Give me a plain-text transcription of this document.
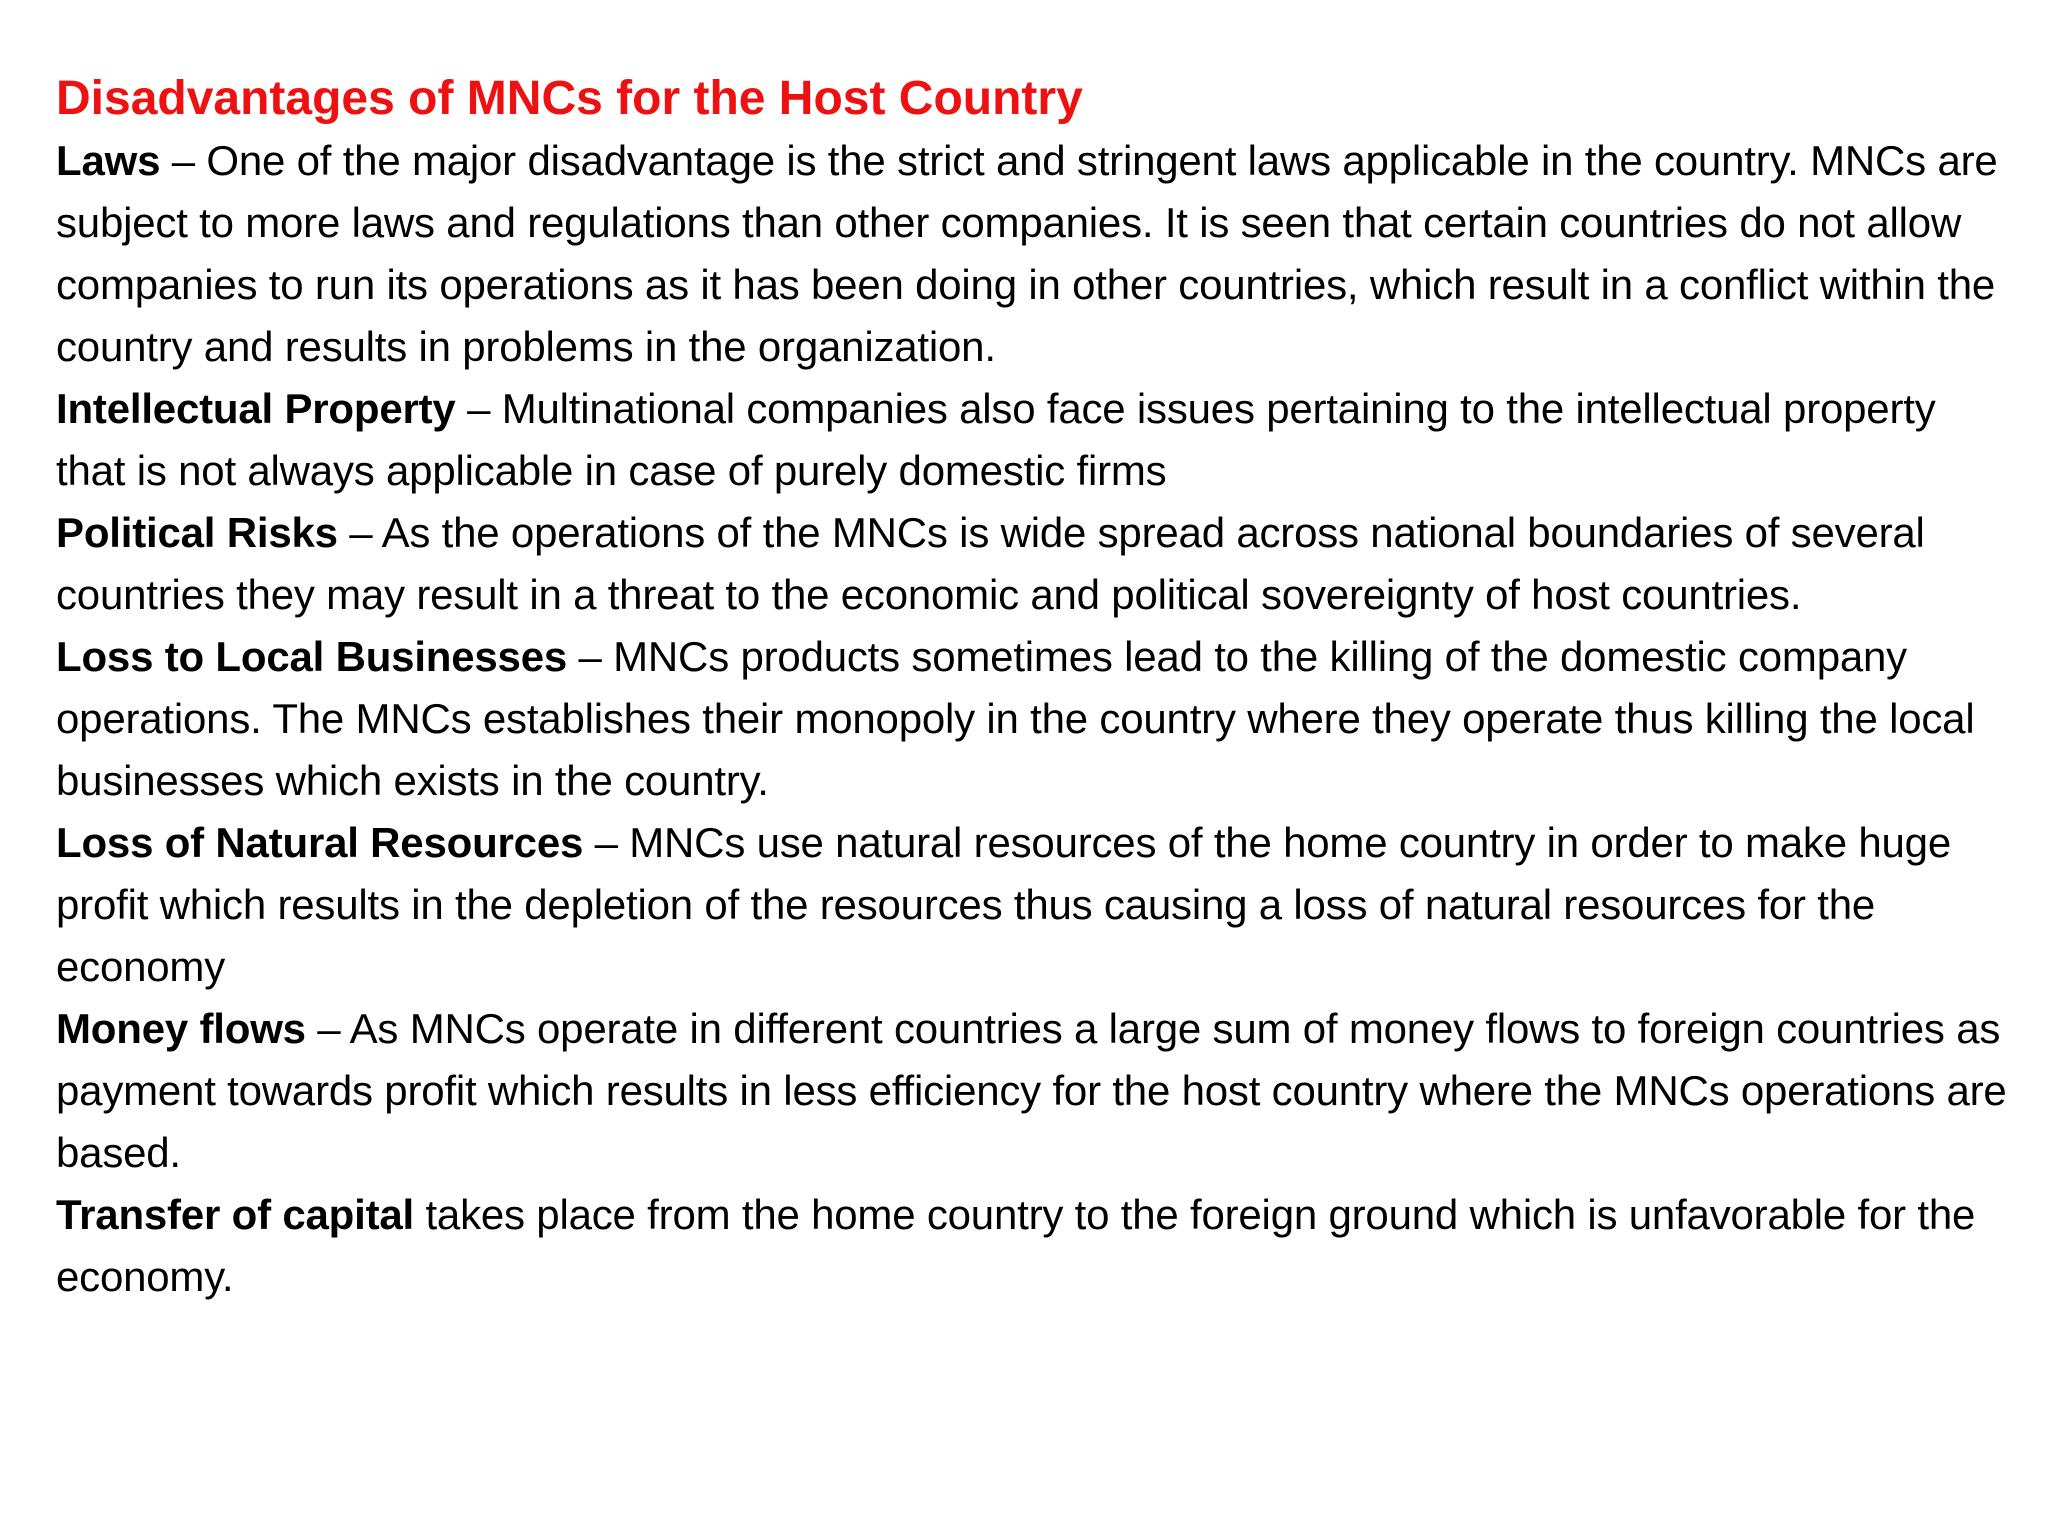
Disadvantages of MNCs for the Host Country

Laws – One of the major disadvantage is the strict and stringent laws applicable in the country. MNCs are subject to more laws and regulations than other companies. It is seen that certain countries do not allow companies to run its operations as it has been doing in other countries, which result in a conflict within the country and results in problems in the organization.

Intellectual Property – Multinational companies also face issues pertaining to the intellectual property that is not always applicable in case of purely domestic firms

Political Risks – As the operations of the MNCs is wide spread across national boundaries of several countries they may result in a threat to the economic and political sovereignty of host countries.

Loss to Local Businesses – MNCs products sometimes lead to the killing of the domestic company operations. The MNCs establishes their monopoly in the country where they operate thus killing the local businesses which exists in the country.

Loss of Natural Resources – MNCs use natural resources of the home country in order to make huge profit which results in the depletion of the resources thus causing a loss of natural resources for the economy

Money flows – As MNCs operate in different countries a large sum of money flows to foreign countries as payment towards profit which results in less efficiency for the host country where the MNCs operations are based.

Transfer of capital takes place from the home country to the foreign ground which is unfavorable for the economy.
